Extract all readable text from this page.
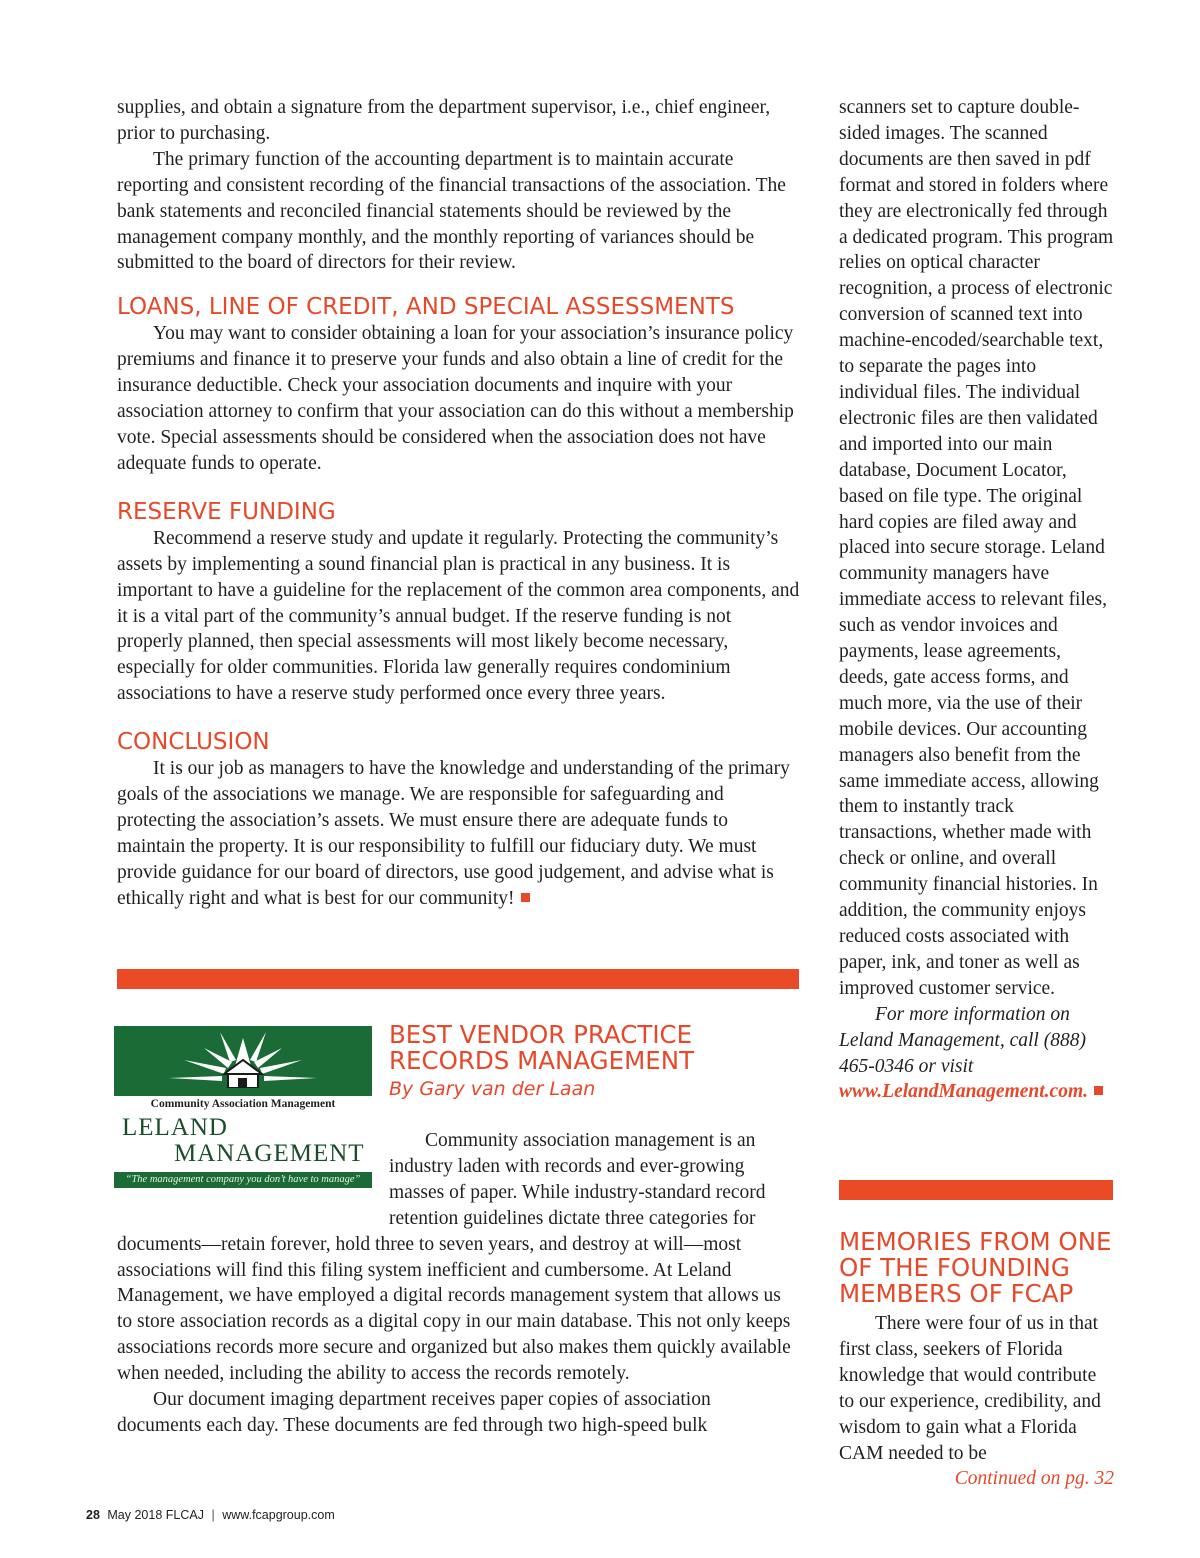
supplies, and obtain a signature from the department supervisor, i.e., chief engineer, prior to purchasing.

The primary function of the accounting department is to maintain accurate reporting and consistent recording of the financial transactions of the association. The bank statements and reconciled financial statements should be reviewed by the management company monthly, and the monthly reporting of variances should be submitted to the board of directors for their review.

LOANS, LINE OF CREDIT, AND SPECIAL ASSESSMENTS

You may want to consider obtaining a loan for your association’s insurance policy premiums and finance it to preserve your funds and also obtain a line of credit for the insurance deductible. Check your association documents and inquire with your association attorney to confirm that your association can do this without a membership vote. Special assessments should be considered when the association does not have adequate funds to operate.

RESERVE FUNDING

Recommend a reserve study and update it regularly. Protecting the community’s assets by implementing a sound financial plan is practical in any business. It is important to have a guideline for the replacement of the common area components, and it is a vital part of the community’s annual budget. If the reserve funding is not properly planned, then special assessments will most likely become necessary, especially for older communities. Florida law generally requires condominium associations to have a reserve study performed once every three years.

CONCLUSION

It is our job as managers to have the knowledge and understanding of the primary goals of the associations we manage. We are responsible for safeguarding and protecting the association’s assets. We must ensure there are adequate funds to maintain the property. It is our responsibility to fulfill our fiduciary duty. We must provide guidance for our board of directors, use good judgement, and advise what is ethically right and what is best for our community!

Community Association Management
LELAND
MANAGEMENT
“The management company you don’t have to manage”
BEST VENDOR PRACTICE
RECORDS MANAGEMENT
By Gary van der Laan

Community association management is an industry laden with records and ever-growing masses of paper. While industry-standard record retention guidelines dictate three categories for documents—retain forever, hold three to seven years, and destroy at will—most associations will find this filing system inefficient and cumbersome. At Leland Management, we have employed a digital records management system that allows us to store association records as a digital copy in our main database. This not only keeps associations records more secure and organized but also makes them quickly available when needed, including the ability to access the records remotely.

Our document imaging department receives paper copies of association documents each day. These documents are fed through two high-speed bulk

scanners set to capture double-sided images. The scanned documents are then saved in pdf format and stored in folders where they are electronically fed through a dedicated program. This program relies on optical character recognition, a process of electronic conversion of scanned text into machine-encoded/searchable text, to separate the pages into individual files. The individual electronic files are then validated and imported into our main database, Document Locator, based on file type. The original hard copies are filed away and placed into secure storage. Leland community managers have immediate access to relevant files, such as vendor invoices and payments, lease agreements, deeds, gate access forms, and much more, via the use of their mobile devices. Our accounting managers also benefit from the same immediate access, allowing them to instantly track transactions, whether made with check or online, and overall community financial histories. In addition, the community enjoys reduced costs associated with paper, ink, and toner as well as improved customer service.

For more information on Leland Management, call (888) 465-0346 or visit www.LelandManagement.com.

MEMORIES FROM ONE OF THE FOUNDING MEMBERS OF FCAP

There were four of us in that first class, seekers of Florida knowledge that would contribute to our experience, credibility, and wisdom to gain what a Florida CAM needed to be

Continued on pg. 32

28 May 2018 FLCAJ | www.fcapgroup.com
